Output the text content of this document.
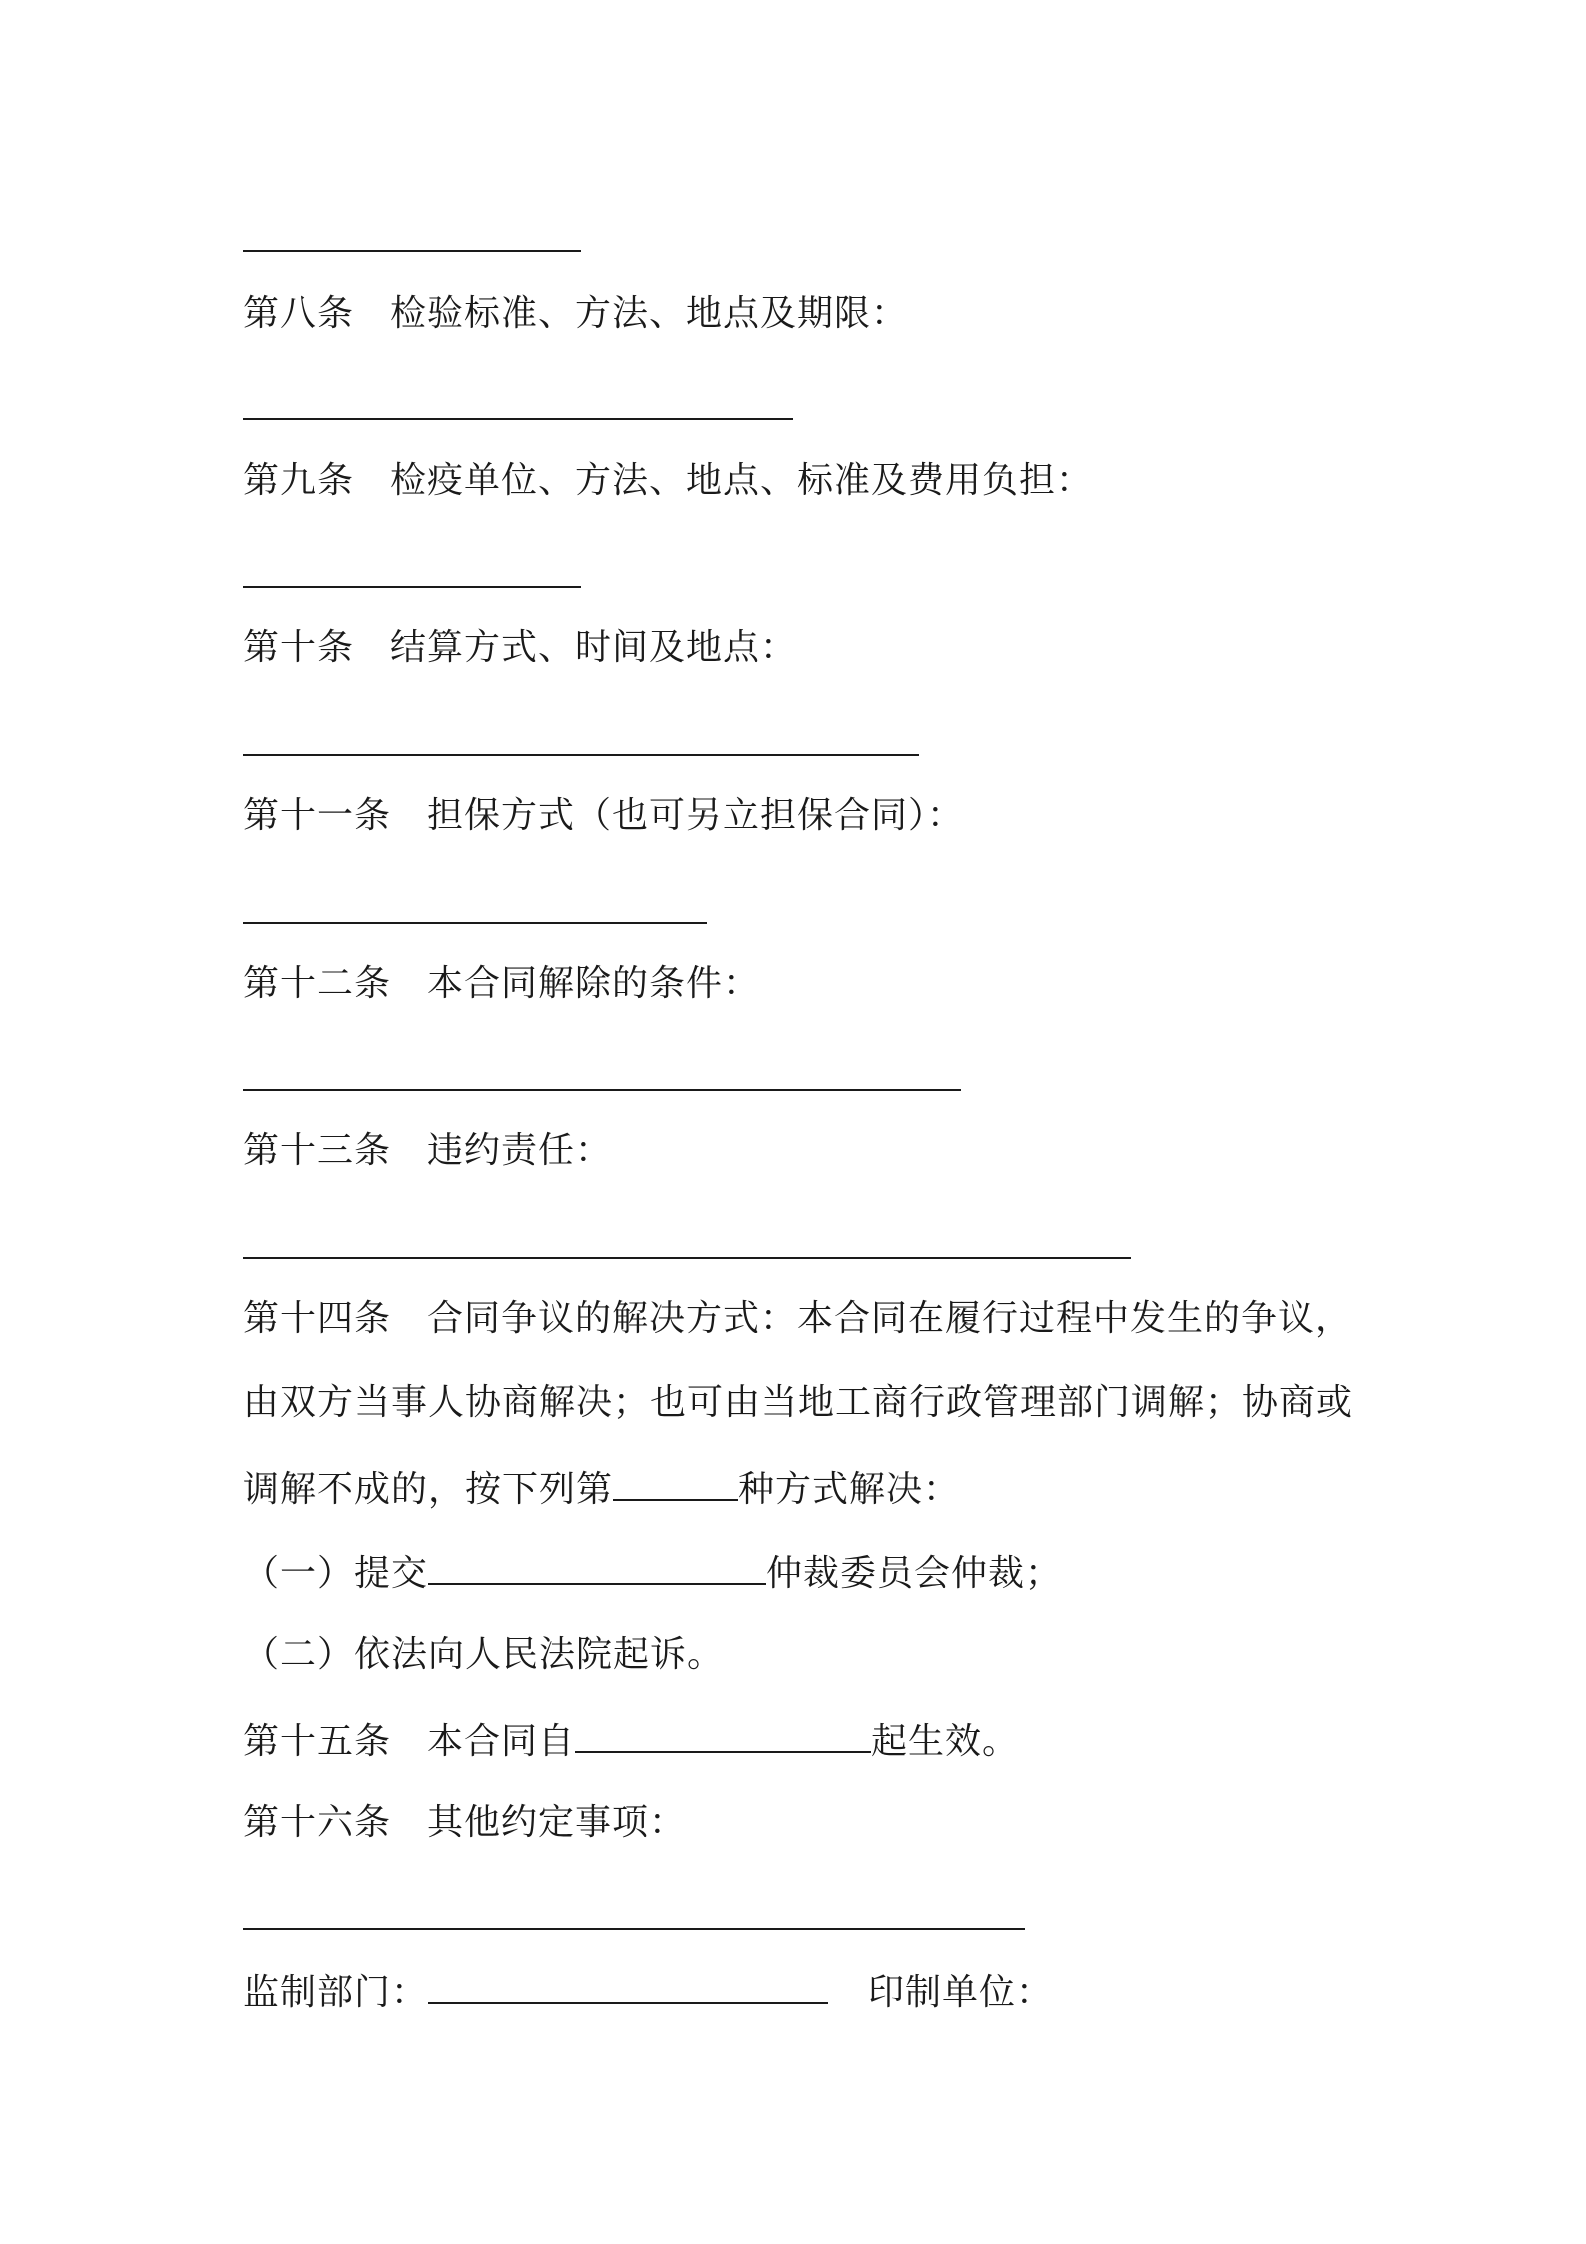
第八条 检验标准、方法、地点及期限：
第九条 检疫单位、方法、地点、标准及费用负担：
第十条 结算方式、时间及地点：
第十一条 担保方式（也可另立担保合同）：
第十二条 本合同解除的条件：
第十三条 违约责任：
第十四条 合同争议的解决方式：本合同在履行过程中发生的争议，
由双方当事人协商解决；也可由当地工商行政管理部门调解；协商或
调解不成的，按下列第	种方式解决：
（一）提交	仲裁委员会仲裁；
（二）依法向人民法院起诉。
第十五条 本合同自	起生效。
第十六条 其他约定事项：
监制部门：	印制单位：
